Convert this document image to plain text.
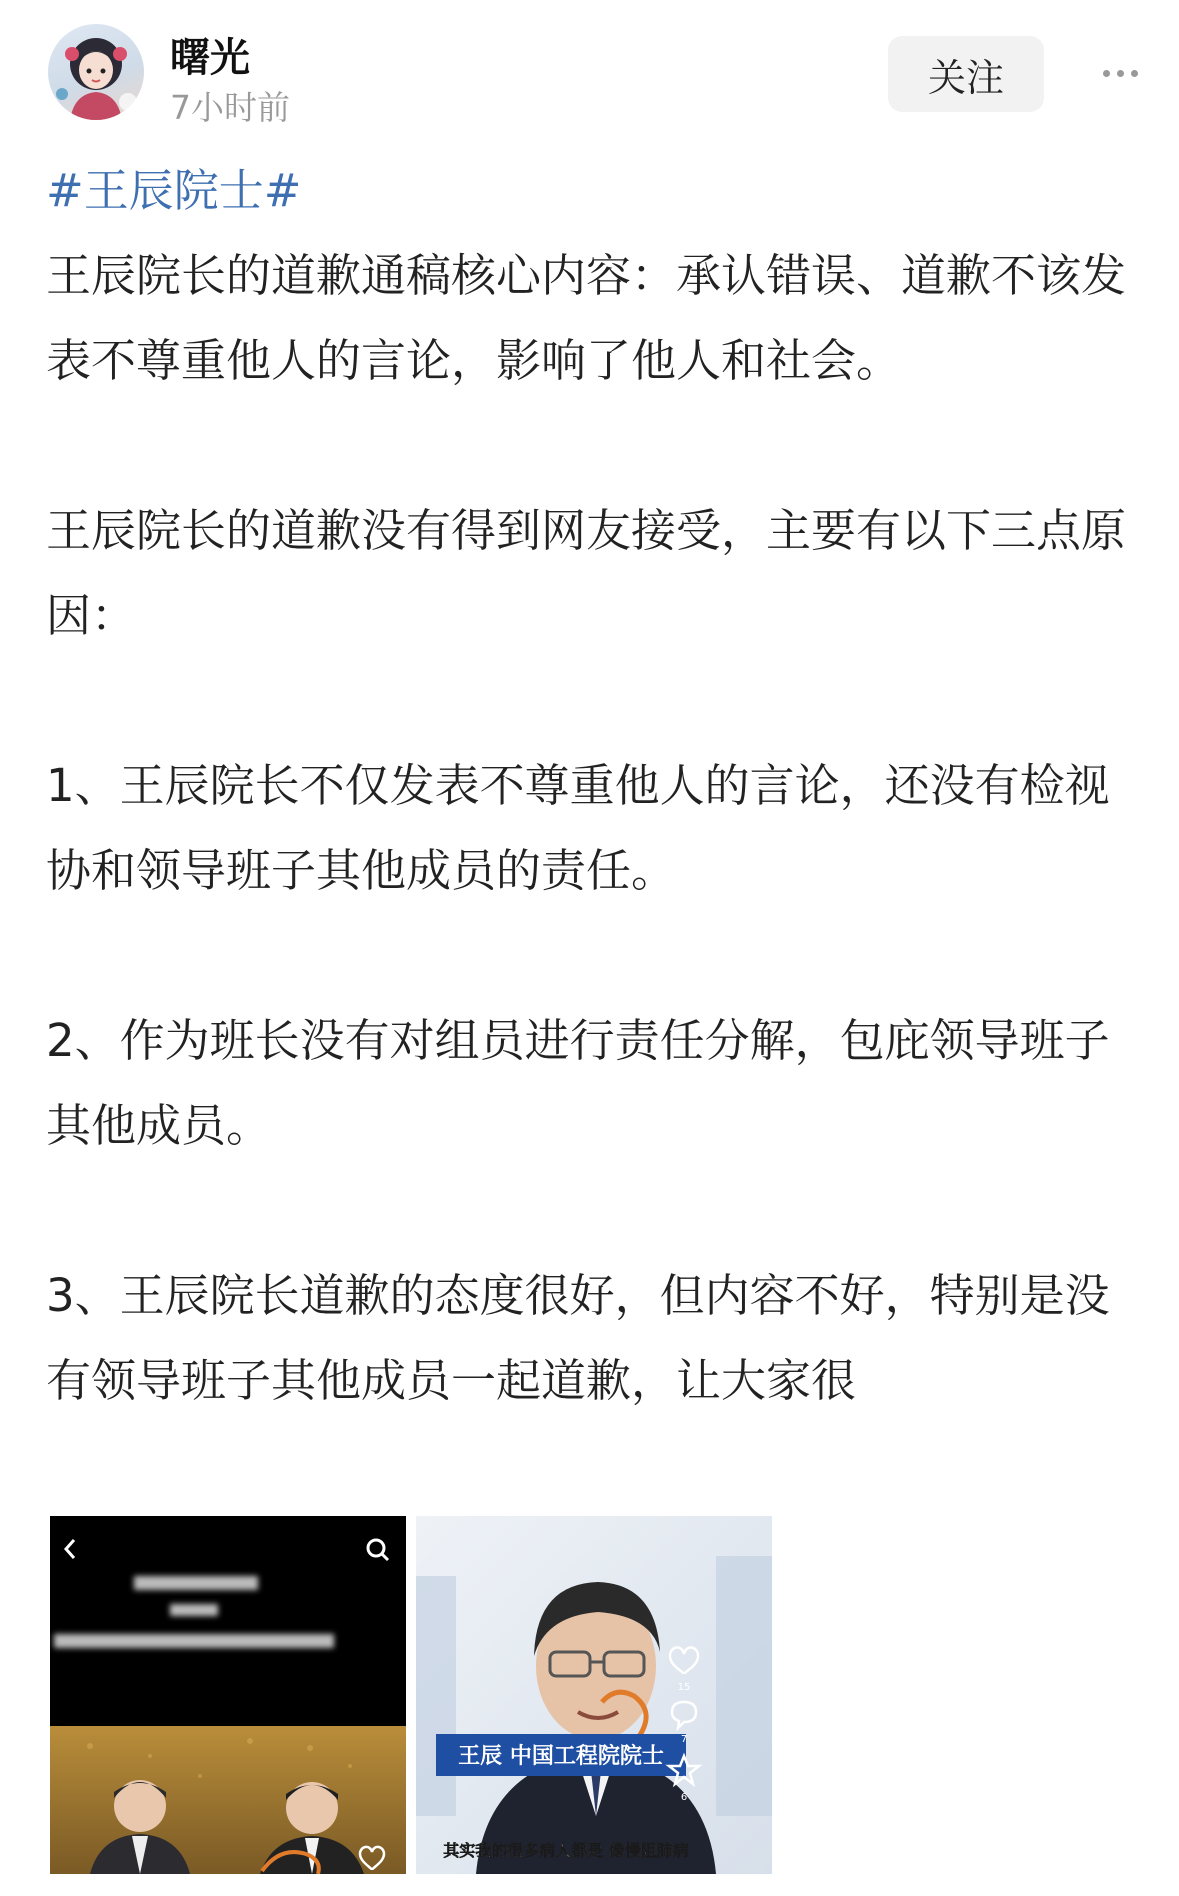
曙光
7小时前
关注
#王辰院士#

王辰院长的道歉通稿核心内容：承认错误、道歉不该发表不尊重他人的言论，影响了他人和社会。

王辰院长的道歉没有得到网友接受，主要有以下三点原因：

1、王辰院长不仅发表不尊重他人的言论，还没有检视协和领导班子其他成员的责任。

2、作为班长没有对组员进行责任分解，包庇领导班子其他成员。

3、王辰院长道歉的态度很好，但内容不好，特别是没有领导班子其他成员一起道歉，让大家很

王辰 中国工程院院士
其实我的很多病人都是 像慢阻肺病
15
7
6
